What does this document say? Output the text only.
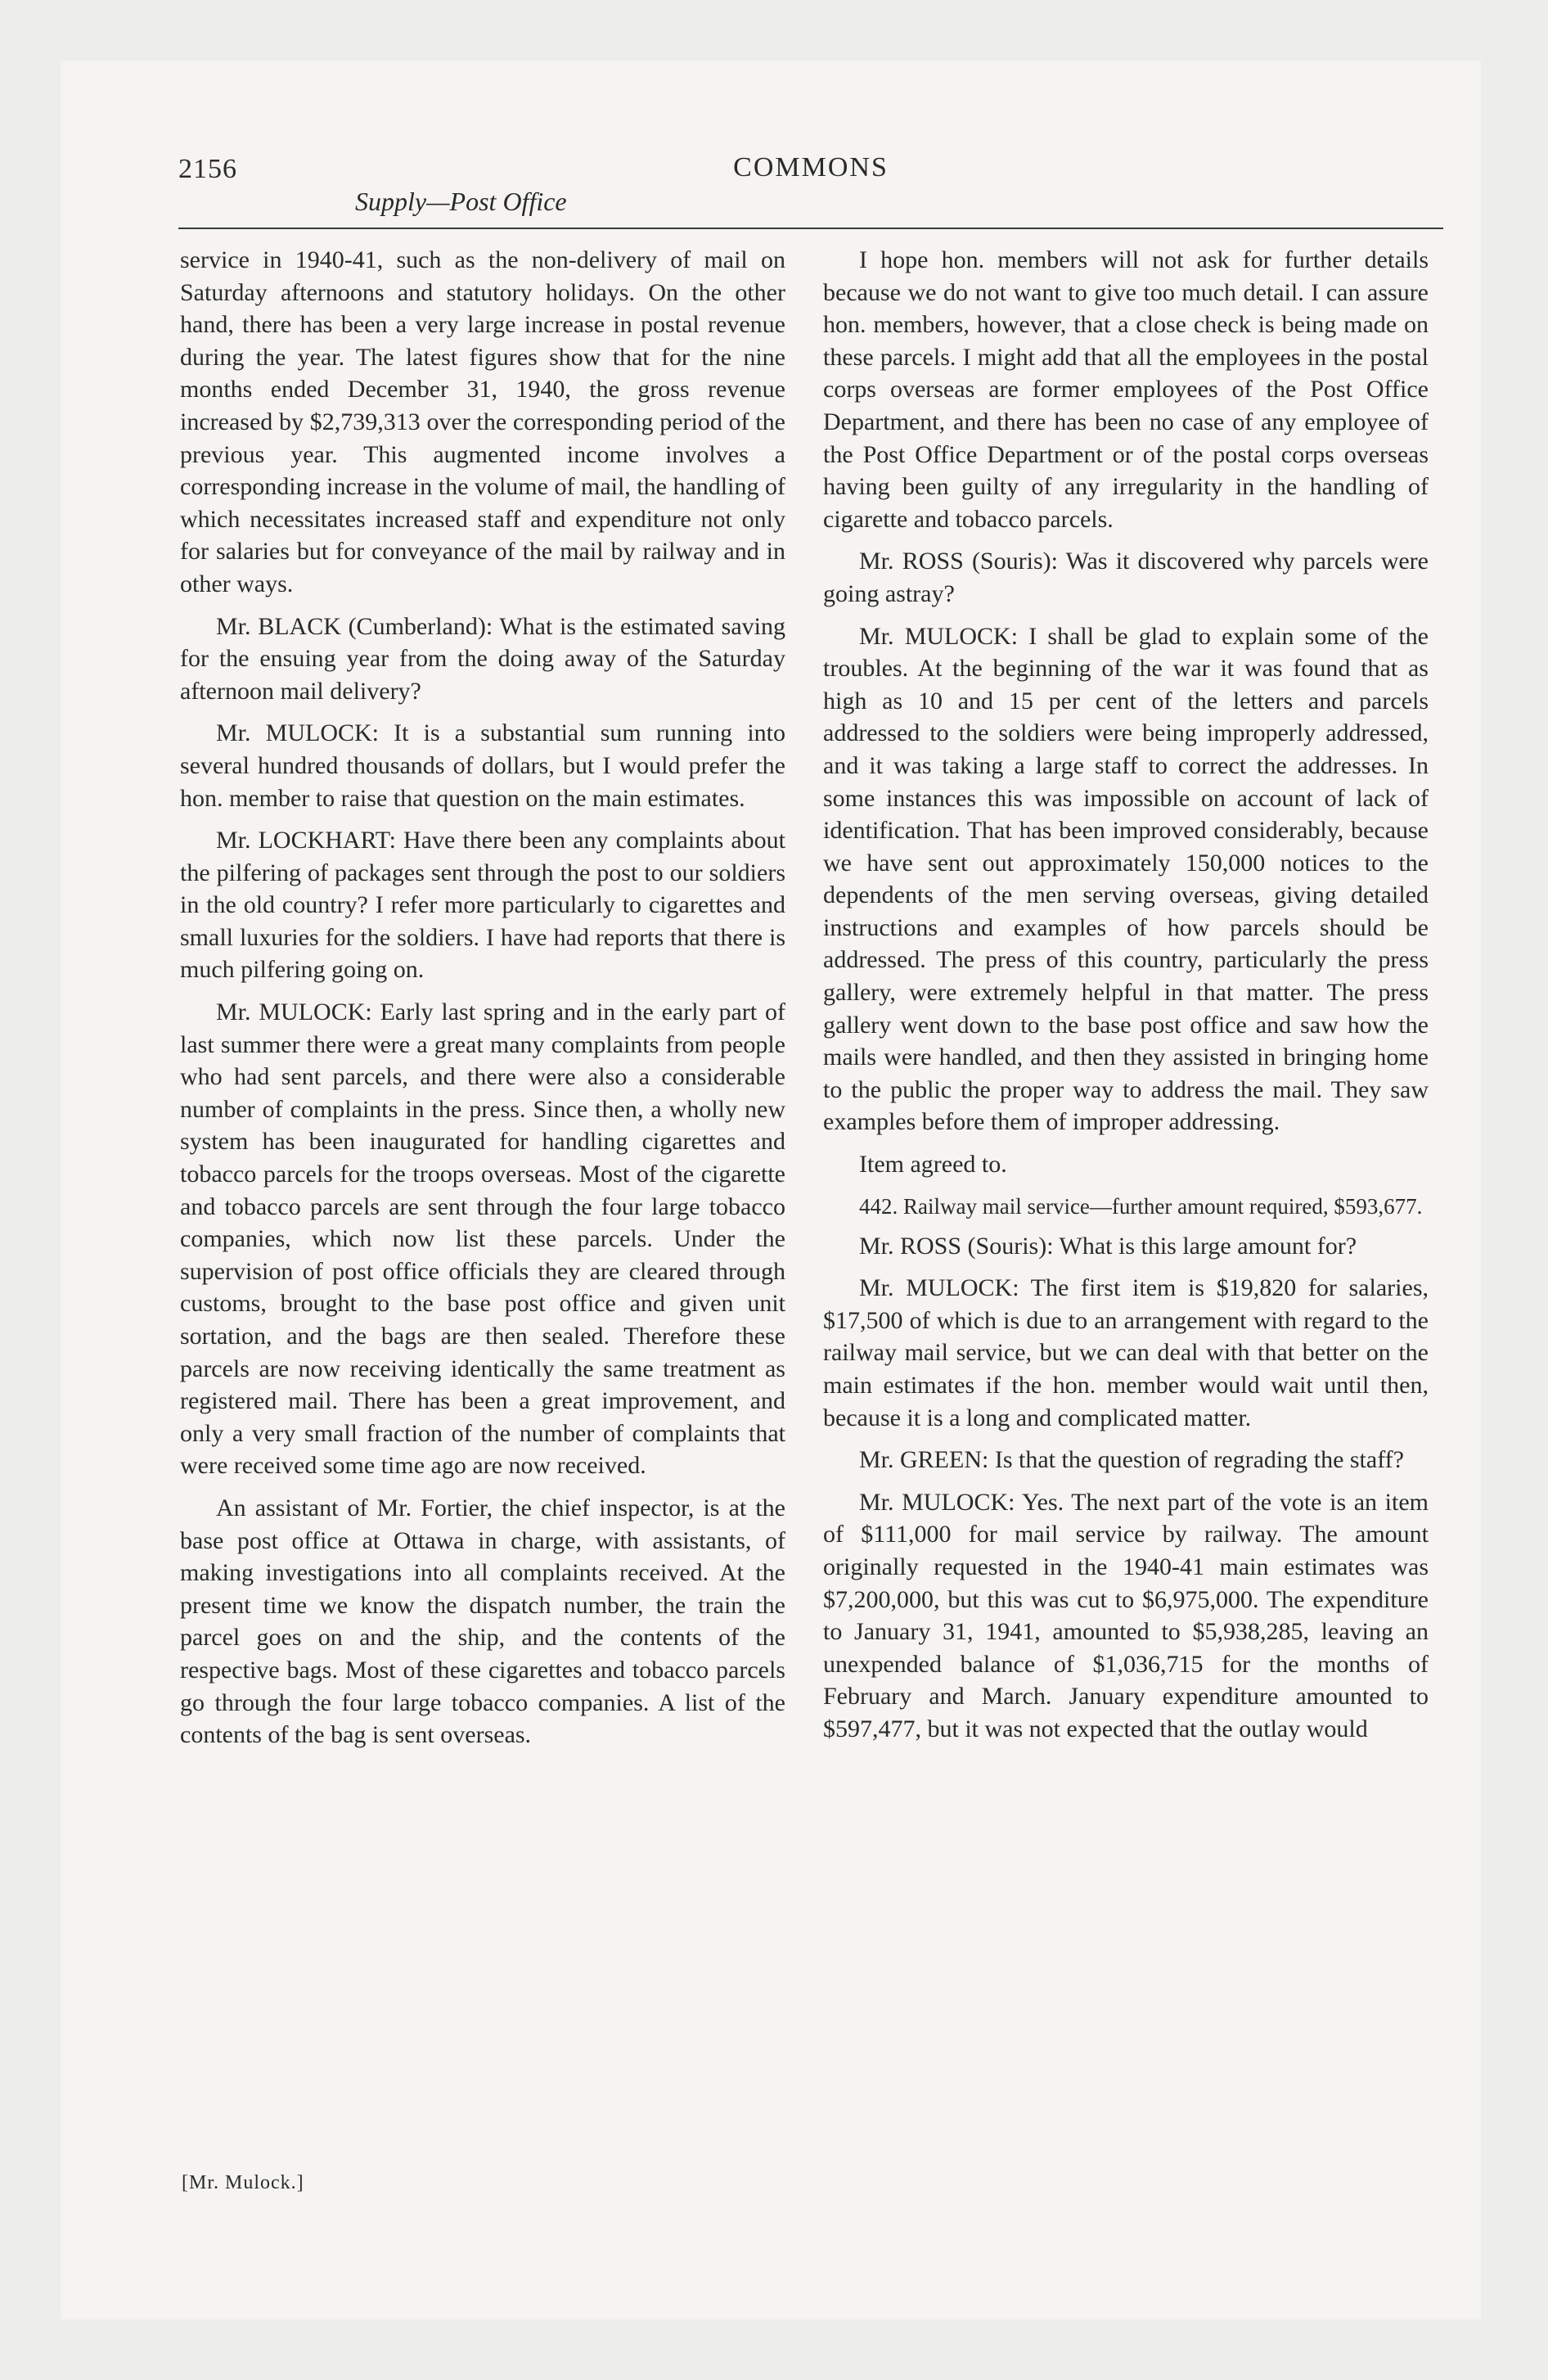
2156	COMMONS
Supply—Post Office

service in 1940-41, such as the non-delivery of mail on Saturday afternoons and statutory holidays. On the other hand, there has been a very large increase in postal revenue during the year. The latest figures show that for the nine months ended December 31, 1940, the gross revenue increased by $2,739,313 over the corresponding period of the previous year. This augmented income involves a corresponding increase in the volume of mail, the handling of which necessitates increased staff and expenditure not only for salaries but for conveyance of the mail by railway and in other ways.

Mr. BLACK (Cumberland): What is the estimated saving for the ensuing year from the doing away of the Saturday afternoon mail delivery?

Mr. MULOCK: It is a substantial sum running into several hundred thousands of dollars, but I would prefer the hon. member to raise that question on the main estimates.

Mr. LOCKHART: Have there been any complaints about the pilfering of packages sent through the post to our soldiers in the old country? I refer more particularly to cigarettes and small luxuries for the soldiers. I have had reports that there is much pilfering going on.

Mr. MULOCK: Early last spring and in the early part of last summer there were a great many complaints from people who had sent parcels, and there were also a considerable number of complaints in the press. Since then, a wholly new system has been inaugurated for handling cigarettes and tobacco parcels for the troops overseas. Most of the cigarette and tobacco parcels are sent through the four large tobacco companies, which now list these parcels. Under the supervision of post office officials they are cleared through customs, brought to the base post office and given unit sortation, and the bags are then sealed. Therefore these parcels are now receiving identically the same treatment as registered mail. There has been a great improvement, and only a very small fraction of the number of complaints that were received some time ago are now received.

An assistant of Mr. Fortier, the chief inspector, is at the base post office at Ottawa in charge, with assistants, of making investigations into all complaints received. At the present time we know the dispatch number, the train the parcel goes on and the ship, and the contents of the respective bags. Most of these cigarettes and tobacco parcels go through the four large tobacco companies. A list of the contents of the bag is sent overseas.

I hope hon. members will not ask for further details because we do not want to give too much detail. I can assure hon. members, however, that a close check is being made on these parcels. I might add that all the employees in the postal corps overseas are former employees of the Post Office Department, and there has been no case of any employee of the Post Office Department or of the postal corps overseas having been guilty of any irregularity in the handling of cigarette and tobacco parcels.

Mr. ROSS (Souris): Was it discovered why parcels were going astray?

Mr. MULOCK: I shall be glad to explain some of the troubles. At the beginning of the war it was found that as high as 10 and 15 per cent of the letters and parcels addressed to the soldiers were being improperly addressed, and it was taking a large staff to correct the addresses. In some instances this was impossible on account of lack of identification. That has been improved considerably, because we have sent out approximately 150,000 notices to the dependents of the men serving overseas, giving detailed instructions and examples of how parcels should be addressed. The press of this country, particularly the press gallery, were extremely helpful in that matter. The press gallery went down to the base post office and saw how the mails were handled, and then they assisted in bringing home to the public the proper way to address the mail. They saw examples before them of improper addressing.

Item agreed to.

442. Railway mail service—further amount required, $593,677.

Mr. ROSS (Souris): What is this large amount for?

Mr. MULOCK: The first item is $19,820 for salaries, $17,500 of which is due to an arrangement with regard to the railway mail service, but we can deal with that better on the main estimates if the hon. member would wait until then, because it is a long and complicated matter.

Mr. GREEN: Is that the question of regrading the staff?

Mr. MULOCK: Yes. The next part of the vote is an item of $111,000 for mail service by railway. The amount originally requested in the 1940-41 main estimates was $7,200,000, but this was cut to $6,975,000. The expenditure to January 31, 1941, amounted to $5,938,285, leaving an unexpended balance of $1,036,715 for the months of February and March. January expenditure amounted to $597,477, but it was not expected that the outlay would

[Mr. Mulock.]
